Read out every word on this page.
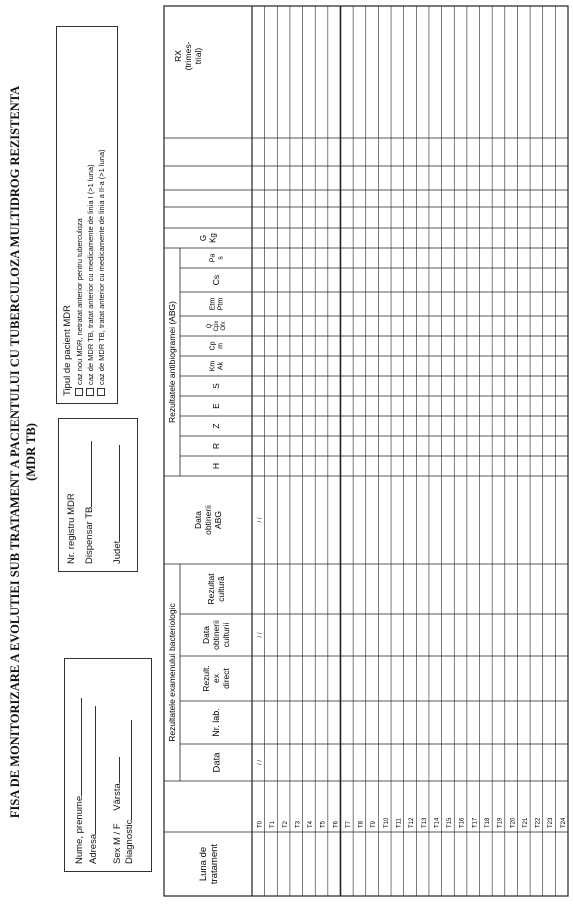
FISA DE MONITORIZARE A EVOLUTIEI SUB TRATAMENT A PACIENTULUI CU TUBERCULOZA MULTIDROG REZISTENTA (MDR TB)
Nume, prenume Adresa Sex M / F Vârsta
Diagnostic
Nr. registru MDR Dispensar TB Judet
Tipul de pacient MDR caz nou MDR, netratat anterior pentru tuberculoza caz de MDR TB, tratat anterior cu medicamente de linia I (>1 luna) caz de MDR TB, tratat anterior cu medicamente de linia a II-a (>1 luna)
T0 T1 T2 T3 T4 T5 T6 T7 T8 T9 T10 T11 T12 T13 T14 T15 T16 T17 T18 T19 T20 T21 T22 T23 T24
Rezultatele examenului bacteriologic
Rezultatele antibiogramei (ABG)
Luna de tratament
Data
Nr. lab.
Rezult. ex direct
Data obtinerii culturii
Rezultat cultură
Data obtinerii ABG
H
R
Z
E
S
Km Ak
Cp m
Q Cpx Ofx
Etm Ptm
Cs
Pa s
G Kg
RX (trimes- trial)
/ /
/ /
/ /
